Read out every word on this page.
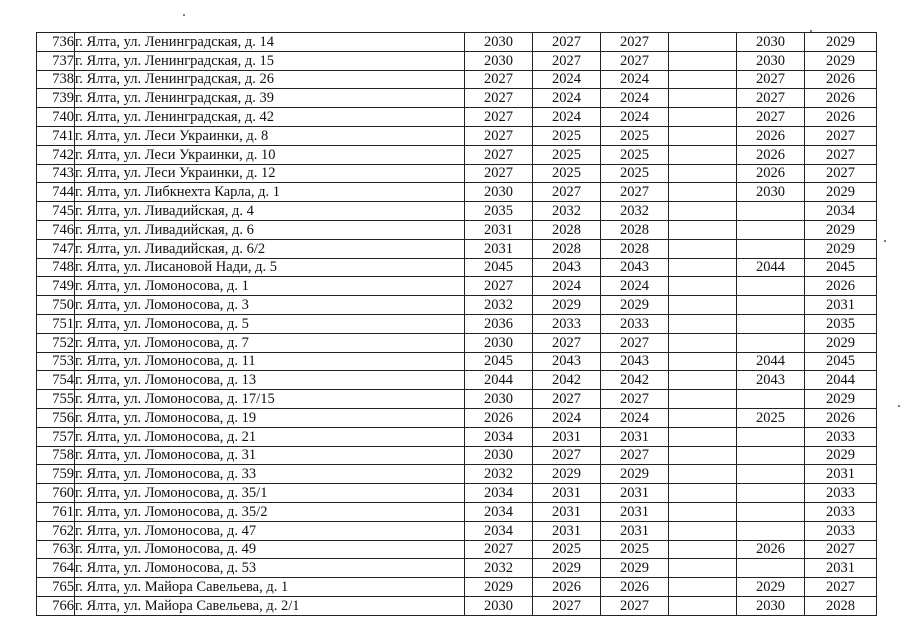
736	г. Ялта, ул. Ленинградская, д. 14	2030	2027	2027		2030	2029
737	г. Ялта, ул. Ленинградская, д. 15	2030	2027	2027		2030	2029
738	г. Ялта, ул. Ленинградская, д. 26	2027	2024	2024		2027	2026
739	г. Ялта, ул. Ленинградская, д. 39	2027	2024	2024		2027	2026
740	г. Ялта, ул. Ленинградская, д. 42	2027	2024	2024		2027	2026
741	г. Ялта, ул. Леси Украинки, д. 8	2027	2025	2025		2026	2027
742	г. Ялта, ул. Леси Украинки, д. 10	2027	2025	2025		2026	2027
743	г. Ялта, ул. Леси Украинки, д. 12	2027	2025	2025		2026	2027
744	г. Ялта, ул. Либкнехта Карла, д. 1	2030	2027	2027		2030	2029
745	г. Ялта, ул. Ливадийская, д. 4	2035	2032	2032			2034
746	г. Ялта, ул. Ливадийская, д. 6	2031	2028	2028			2029
747	г. Ялта, ул. Ливадийская, д. 6/2	2031	2028	2028			2029
748	г. Ялта, ул. Лисановой Нади, д. 5	2045	2043	2043		2044	2045
749	г. Ялта, ул. Ломоносова, д. 1	2027	2024	2024			2026
750	г. Ялта, ул. Ломоносова, д. 3	2032	2029	2029			2031
751	г. Ялта, ул. Ломоносова, д. 5	2036	2033	2033			2035
752	г. Ялта, ул. Ломоносова, д. 7	2030	2027	2027			2029
753	г. Ялта, ул. Ломоносова, д. 11	2045	2043	2043		2044	2045
754	г. Ялта, ул. Ломоносова, д. 13	2044	2042	2042		2043	2044
755	г. Ялта, ул. Ломоносова, д. 17/15	2030	2027	2027			2029
756	г. Ялта, ул. Ломоносова, д. 19	2026	2024	2024		2025	2026
757	г. Ялта, ул. Ломоносова, д. 21	2034	2031	2031			2033
758	г. Ялта, ул. Ломоносова, д. 31	2030	2027	2027			2029
759	г. Ялта, ул. Ломоносова, д. 33	2032	2029	2029			2031
760	г. Ялта, ул. Ломоносова, д. 35/1	2034	2031	2031			2033
761	г. Ялта, ул. Ломоносова, д. 35/2	2034	2031	2031			2033
762	г. Ялта, ул. Ломоносова, д. 47	2034	2031	2031			2033
763	г. Ялта, ул. Ломоносова, д. 49	2027	2025	2025		2026	2027
764	г. Ялта, ул. Ломоносова, д. 53	2032	2029	2029			2031
765	г. Ялта, ул. Майора Савельева, д. 1	2029	2026	2026		2029	2027
766	г. Ялта, ул. Майора Савельева, д. 2/1	2030	2027	2027		2030	2028
